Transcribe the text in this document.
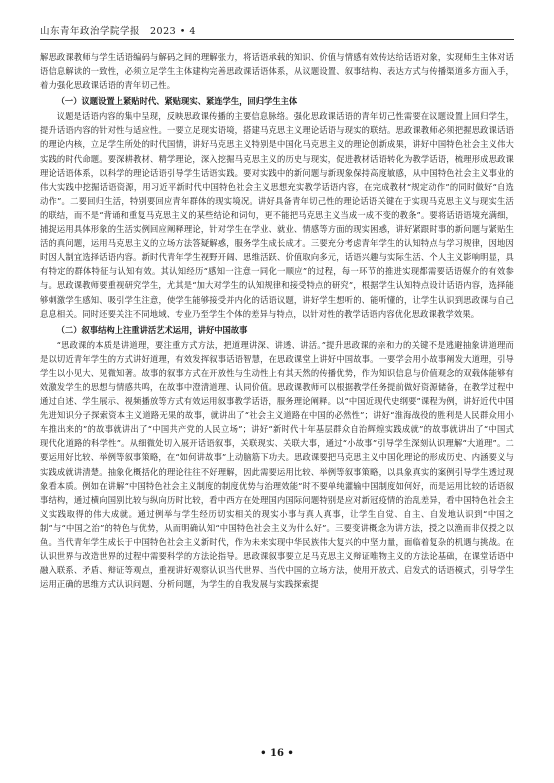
山东青年政治学院学报 2023 • 4

解思政课教师与学生话语编码与解码之间的理解张力，将话语承载的知识、价值与情感有效传达给话语对象，实现师生主体对话语信息解读的一致性，必须立足学生主体建构完善思政课话语体系，从议题设置、叙事结构、表达方式与传播渠道多方面入手，着力强化思政课话语的青年切己性。

（一）议题设置上紧贴时代、紧贴现实、紧连学生，回归学生主体

议题是话语内容的集中呈现，反映思政课传播的主要信息脉络。强化思政课话语的青年切己性需要在议题设置上回归学生，提升话语内容的针对性与适应性。一要立足现实语境，搭建马克思主义理论话语与现实的联结。思政课教师必须把握思政课话语的理论内核，立足学生所处的时代国情，讲好马克思主义特别是中国化马克思主义的理论创新成果，讲好中国特色社会主义伟大实践的时代命题。要深耕教材、精学理论，深入挖掘马克思主义的历史与现实，促进教材话语转化为教学话语，梳理形成思政课理论话语体系，以科学的理论话语引导学生话语实践。要对实践中的新问题与新现象保持高度敏感，从中国特色社会主义事业的伟大实践中挖掘话语资源，用习近平新时代中国特色社会主义思想充实教学话语内容，在完成教材“规定动作”的同时做好“自选动作”。二要回归生活，特别要回应青年群体的现实境况。讲好具备青年切己性的理论话语关键在于实现马克思主义与现实生活的联结，而不是“背诵和重复马克思主义的某些结论和词句，更不能把马克思主义当成一成不变的教条”。要将话语语境充满细，捕捉运用具体形象的生活实例回应阐释理论，针对学生在学业、就业、情感等方面的现实困惑，讲好紧跟时事的新问题与紧贴生活的真问题，运用马克思主义的立场方法答疑解惑，服务学生成长成才。三要充分考虑青年学生的认知特点与学习规律，因地因时因人制宜选择话语内容。新时代青年学生视野开阔、思维活跃、价值取向多元，话语兴趣与实际生活、个人主义影响明显，具有特定的群体特征与认知有效。其认知经历“感知一注意一同化一顺应”的过程，每一环节的推进实现都需要话语媒介的有效参与。思政课教师要重视研究学生，尤其是“加大对学生的认知规律和接受特点的研究”，根据学生认知特点设计话语内容，选择能够刺激学生感知、吸引学生注意，使学生能够接受并内化的话语议题，讲好学生想听的、能听懂的，让学生认识到思政课与自己息息相关。同时还要关注不同地域、专业乃至学生个体的差异与特点，以针对性的教学话语内容优化思政课教学效果。

（二）叙事结构上注重讲活艺术运用，讲好中国故事

“思政课的本质是讲道理，要注重方式方法，把道理讲深、讲透、讲活。”提升思政课的亲和力的关键不是逃避抽象讲道理而是以切近青年学生的方式讲好道理，有效发挥叙事话语智慧，在思政课堂上讲好中国故事。一要学会用小故事阐发大道理，引导学生以小见大、见微知著。故事的叙事方式在开放性与生动性上有其天然的传播优势，作为知识信息与价值观念的双载体能够有效激发学生的思想与情感共鸣，在故事中澄清道理、认同价值。思政课教师可以根据教学任务提前做好资源储备，在教学过程中通过自述、学生展示、视频播放等方式有效运用叙事教学话语，服务理论阐释。以“中国近现代史纲要”课程为例，讲好近代中国先进知识分子探索资本主义道路无果的故事，就讲出了“社会主义道路在中国的必然性”；讲好“淮海战役的胜利是人民群众用小车推出来的”的故事就讲出了“中国共产党的人民立场”；讲好“新时代十年基层群众自治辉煌实践成就”的故事就讲出了“中国式现代化道路的科学性”。从细微处切入展开话语叙事，关联现实、关联大事，通过“小故事”引导学生深刻认识理解“大道理”。二要运用好比较、举例等叙事策略，在“如何讲故事”上动脑筋下功夫。思政课要把马克思主义中国化理论的形成历史、内涵要义与实践成就讲清楚。抽象化概括化的理论往往不好理解，因此需要运用比较、举例等叙事策略，以具象真实的案例引导学生透过现象看本质。例如在讲解“中国特色社会主义制度的制度优势与治理效能”时不要单纯灌输中国制度如何好，而是运用比较的话语叙事结构，通过横向国别比较与纵向历时比较，看中西方在处理国内国际问题特别是应对新冠疫情的治乱差异，看中国特色社会主义实践取得的伟大成就。通过例举与学生经历切实相关的现实小事与真人真事，让学生自觉、自主、自发地认识到“中国之制”与“中国之治”的特色与优势，从而明确认知“中国特色社会主义为什么好”。三要变讲概念为讲方法，授之以渔而非仅授之以鱼。当代青年学生成长于中国特色社会主义新时代，作为未来实现中华民族伟大复兴的中坚力量，面临着复杂的机遇与挑战。在认识世界与改造世界的过程中需要科学的方法论指导。思政课叙事要立足马克思主义辩证唯物主义的方法论基础，在课堂话语中融入联系、矛盾、辩证等观点，重视讲好观察认识当代世界、当代中国的立场方法，使用开放式、启发式的话语模式，引导学生运用正确的思维方式认识问题、分析问题，为学生的自我发展与实践探索提

• 16 •
